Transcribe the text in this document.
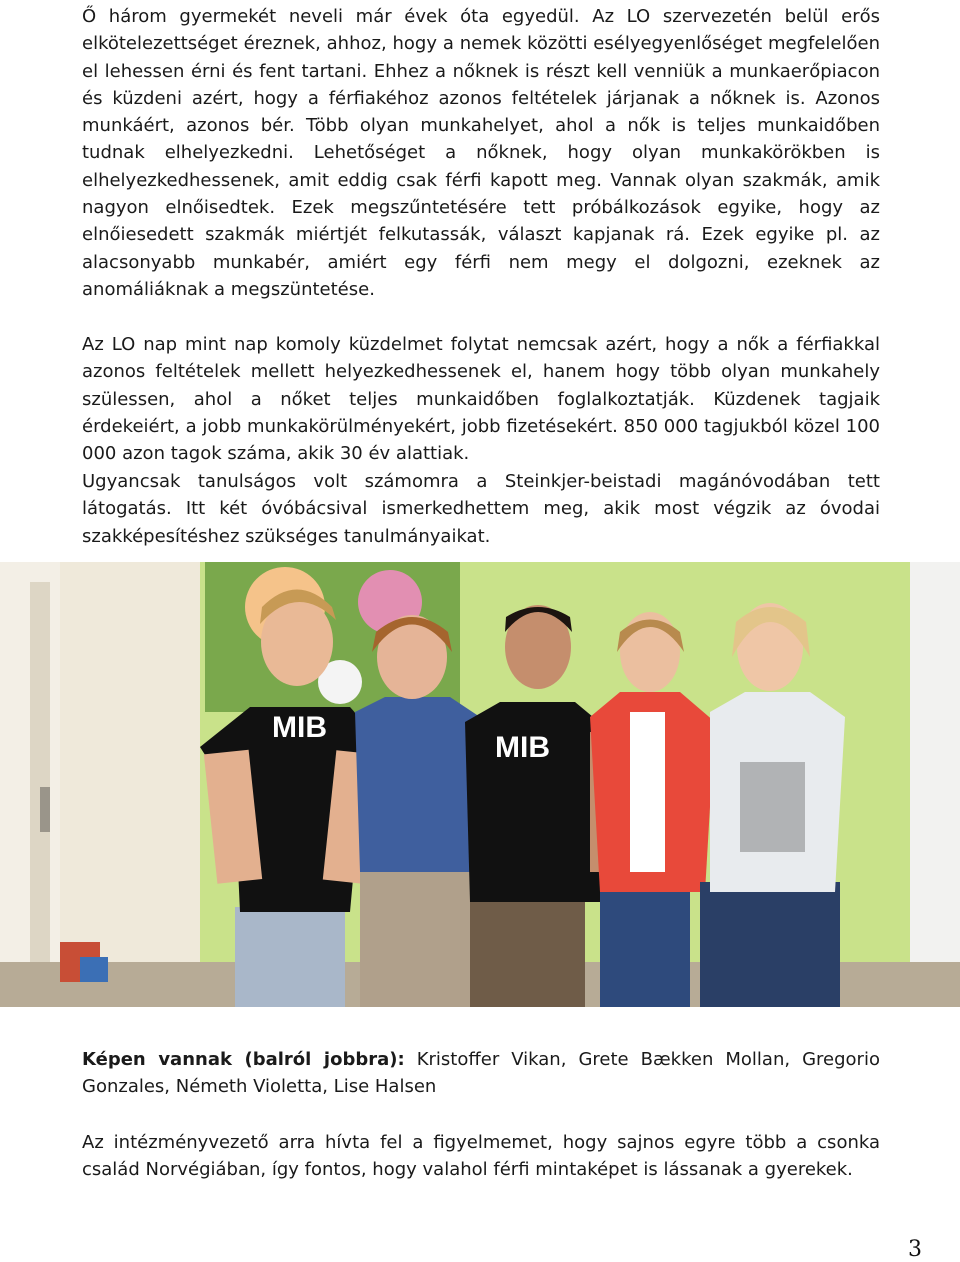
Ő három gyermekét neveli már évek óta egyedül. Az LO szervezetén belül erős elkötelezettséget éreznek, ahhoz, hogy a nemek közötti esélyegyenlőséget megfelelően el lehessen érni és fent tartani. Ehhez a nőknek is részt kell venniük a munkaerőpiacon és küzdeni azért, hogy a férfiakéhoz azonos feltételek járjanak a nőknek is. Azonos munkáért, azonos bér. Több olyan munkahelyet, ahol a nők is teljes munkaidőben tudnak elhelyezkedni. Lehetőséget a nőknek, hogy olyan munkakörökben is elhelyezkedhessenek, amit eddig csak férfi kapott meg. Vannak olyan szakmák, amik nagyon elnőisedtek. Ezek megszűntetésére tett próbálkozások egyike, hogy az elnőiesedett szakmák miértjét felkutassák, választ kapjanak rá. Ezek egyike pl. az alacsonyabb munkabér, amiért egy férfi nem megy el dolgozni, ezeknek az anomáliáknak a megszüntetése.

Az LO nap mint nap komoly küzdelmet folytat nemcsak azért, hogy a nők a férfiakkal azonos feltételek mellett helyezkedhessenek el, hanem hogy több olyan munkahely szülessen, ahol a nőket teljes munkaidőben foglalkoztatják. Küzdenek tagjaik érdekeiért, a jobb munkakörülményekért, jobb fizetésekért. 850 000 tagjukból közel 100 000 azon tagok száma, akik 30 év alattiak.

Ugyancsak tanulságos volt számomra a Steinkjer-beistadi magánóvodában tett látogatás. Itt két óvóbácsival ismerkedhettem meg, akik most végzik az óvodai szakképesítéshez szükséges tanulmányaikat.

MIB
MIB

Képen vannak (balról jobbra): Kristoffer Vikan, Grete Bækken Mollan, Gregorio Gonzales, Németh Violetta, Lise Halsen

Az intézményvezető arra hívta fel a figyelmemet, hogy sajnos egyre több a csonka család Norvégiában, így fontos, hogy valahol férfi mintaképet is lássanak a gyerekek.

3
